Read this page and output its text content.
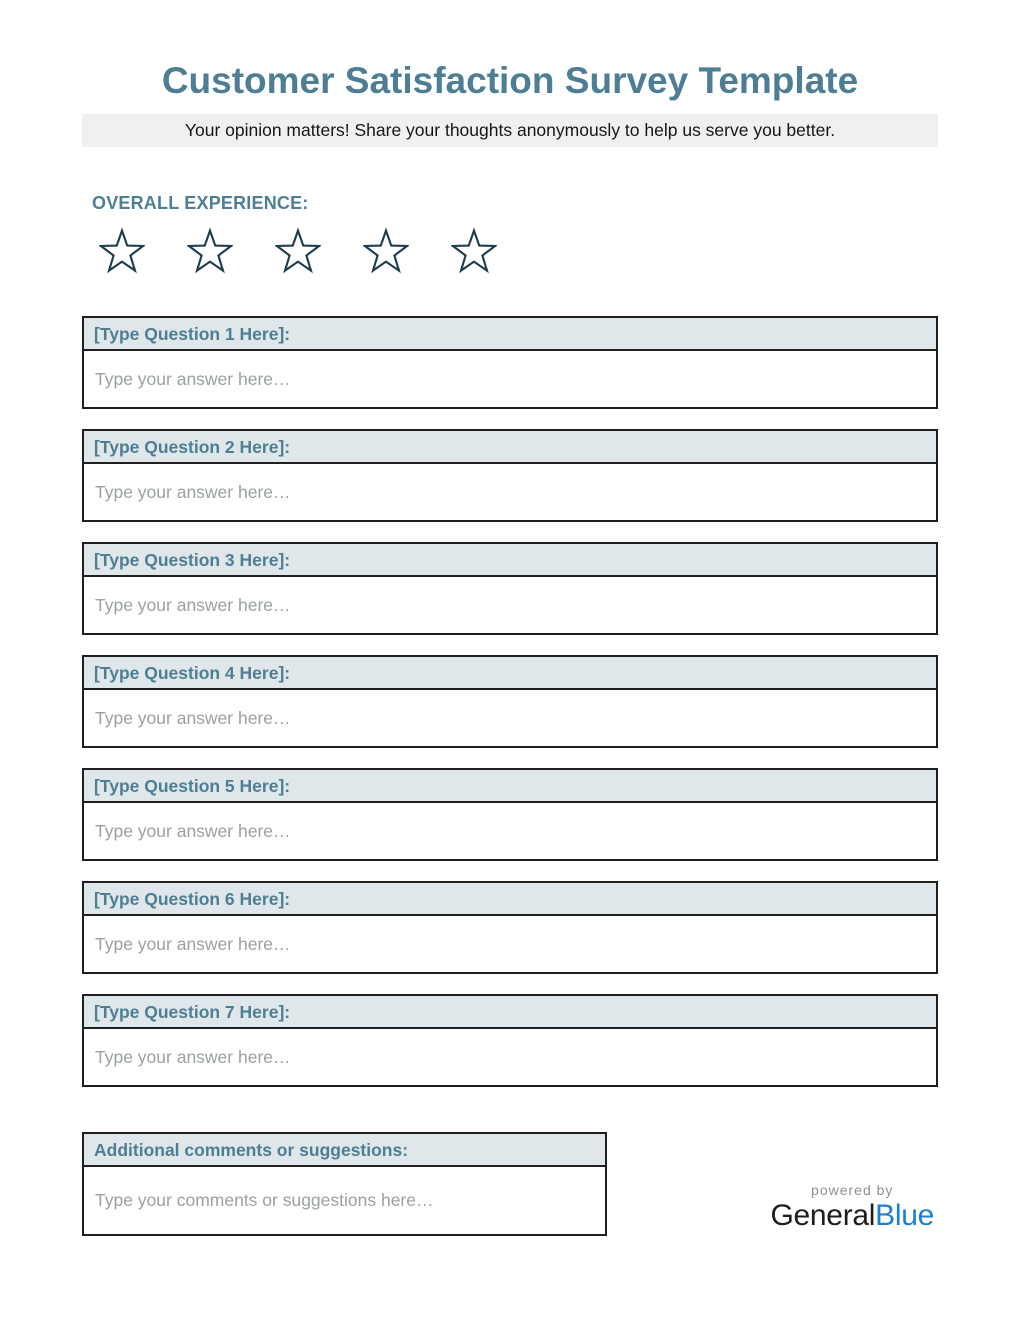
Customer Satisfaction Survey Template
Your opinion matters! Share your thoughts anonymously to help us serve you better.
OVERALL EXPERIENCE:
[Type Question 1 Here]:
Type your answer here…
[Type Question 2 Here]:
Type your answer here…
[Type Question 3 Here]:
Type your answer here…
[Type Question 4 Here]:
Type your answer here…
[Type Question 5 Here]:
Type your answer here…
[Type Question 6 Here]:
Type your answer here…
[Type Question 7 Here]:
Type your answer here…
Additional comments or suggestions:
Type your comments or suggestions here…	powered by
GeneralBlue
